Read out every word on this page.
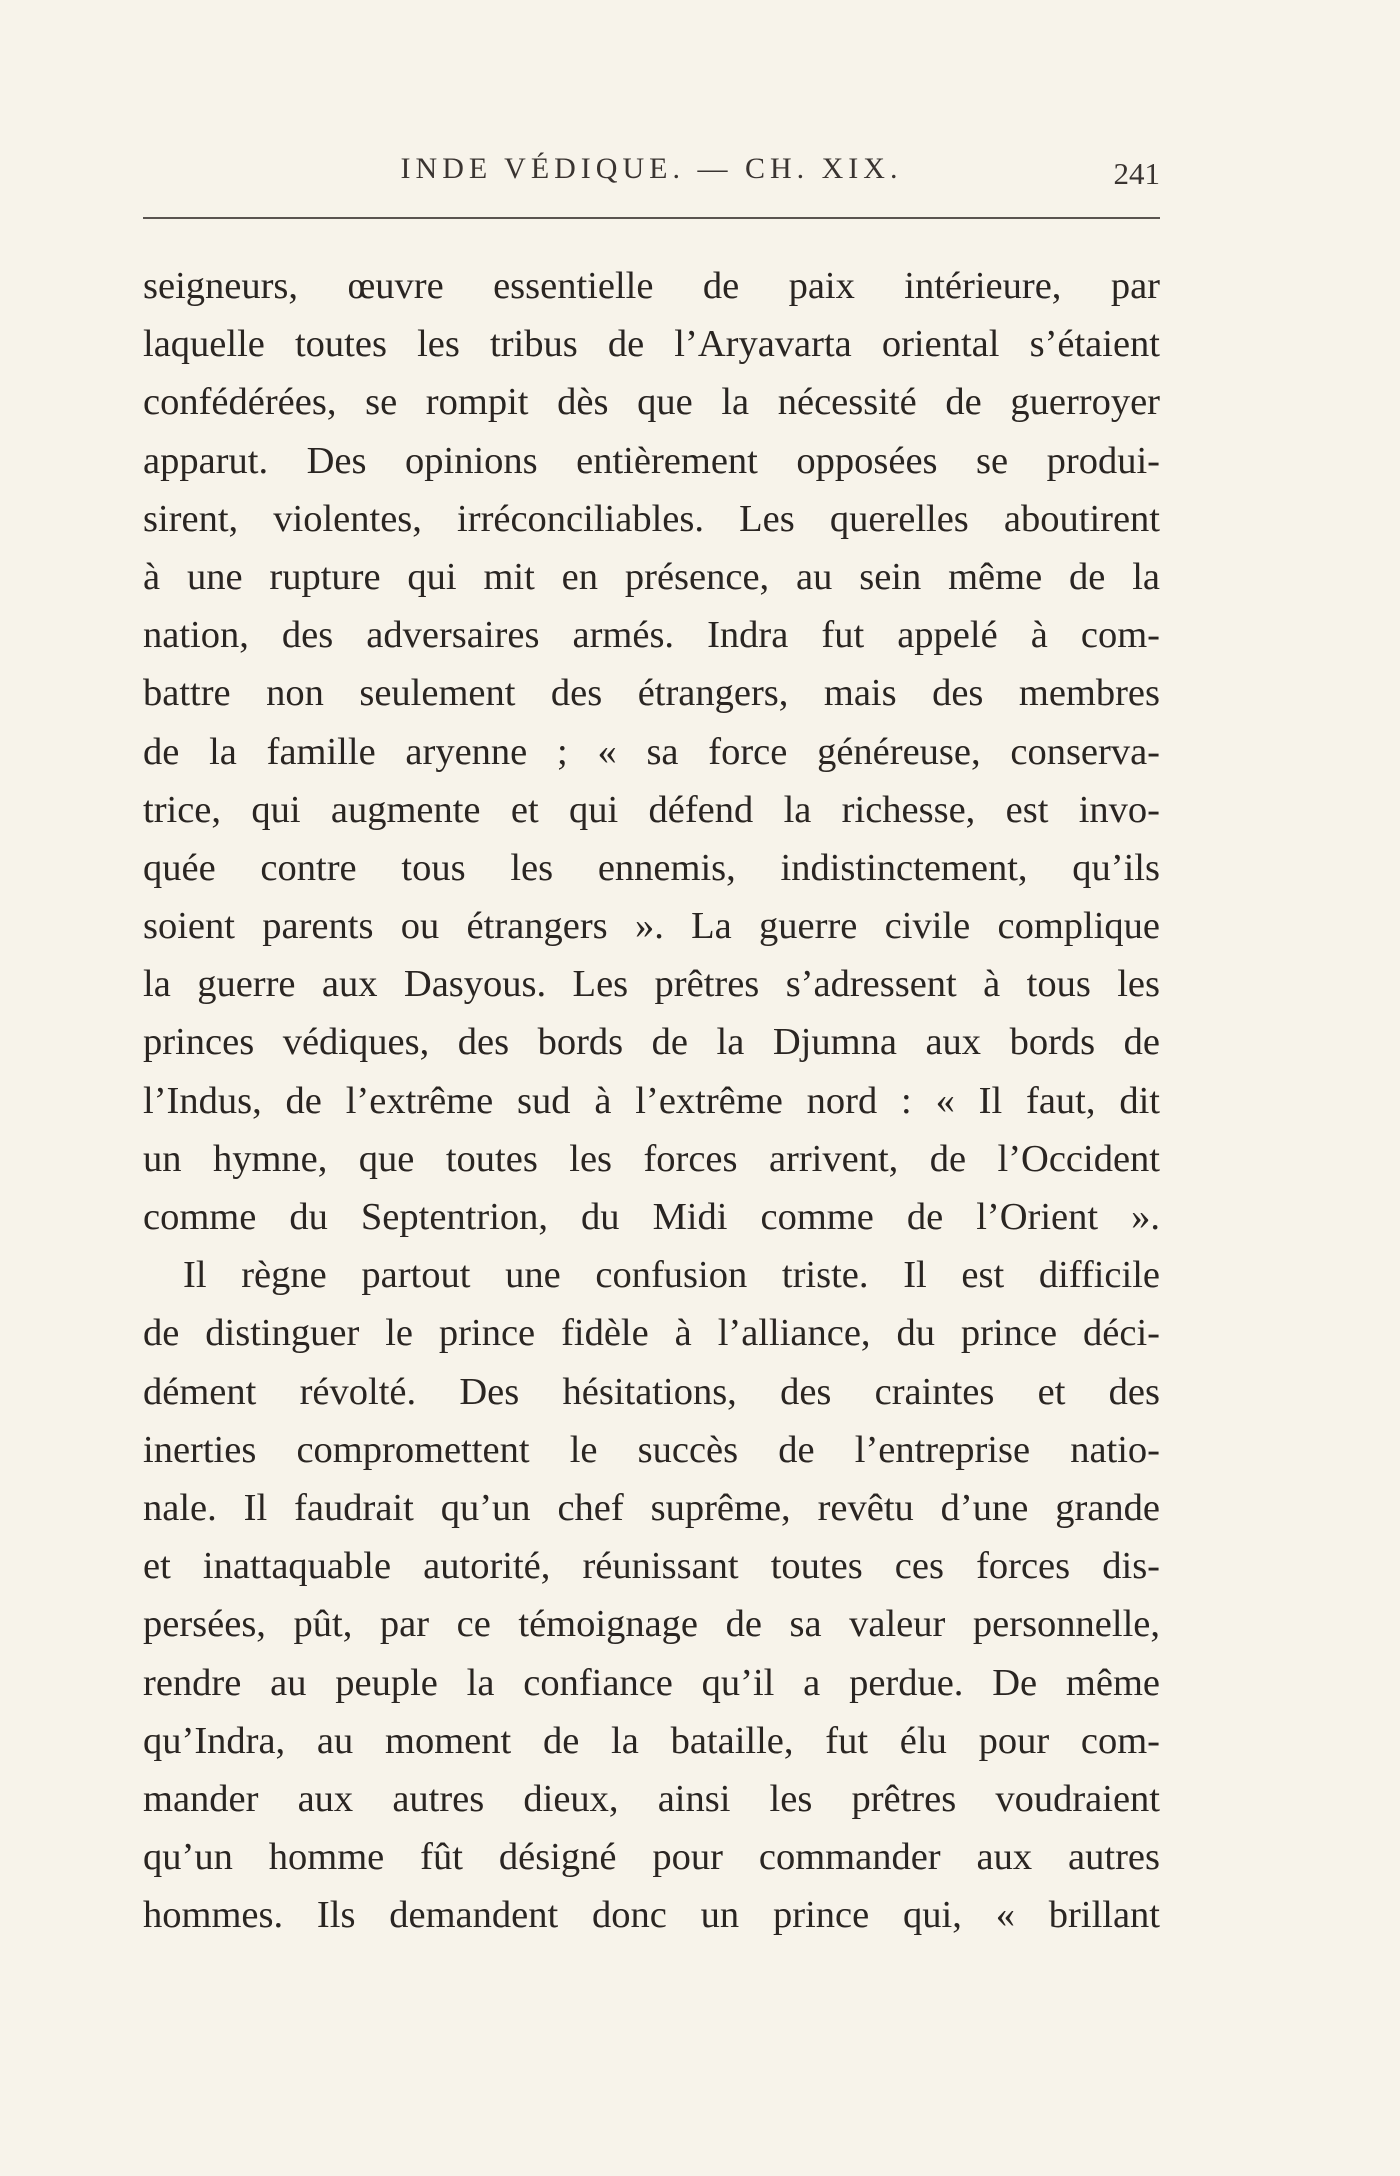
INDE VÉDIQUE. — CH. XIX.	241
seigneurs, œuvre essentielle de paix intérieure, par
laquelle toutes les tribus de l’Aryavarta oriental s’étaient
confédérées, se rompit dès que la nécessité de guerroyer
apparut. Des opinions entièrement opposées se produi-
sirent, violentes, irréconciliables. Les querelles aboutirent
à une rupture qui mit en présence, au sein même de la
nation, des adversaires armés. Indra fut appelé à com-
battre non seulement des étrangers, mais des membres
de la famille aryenne ; « sa force généreuse, conserva-
trice, qui augmente et qui défend la richesse, est invo-
quée contre tous les ennemis, indistinctement, qu’ils
soient parents ou étrangers ». La guerre civile complique
la guerre aux Dasyous. Les prêtres s’adressent à tous les
princes védiques, des bords de la Djumna aux bords de
l’Indus, de l’extrême sud à l’extrême nord : « Il faut, dit
un hymne, que toutes les forces arrivent, de l’Occident
comme du Septentrion, du Midi comme de l’Orient ».
Il règne partout une confusion triste. Il est difficile
de distinguer le prince fidèle à l’alliance, du prince déci-
dément révolté. Des hésitations, des craintes et des
inerties compromettent le succès de l’entreprise natio-
nale. Il faudrait qu’un chef suprême, revêtu d’une grande
et inattaquable autorité, réunissant toutes ces forces dis-
persées, pût, par ce témoignage de sa valeur personnelle,
rendre au peuple la confiance qu’il a perdue. De même
qu’Indra, au moment de la bataille, fut élu pour com-
mander aux autres dieux, ainsi les prêtres voudraient
qu’un homme fût désigné pour commander aux autres
hommes. Ils demandent donc un prince qui, « brillant
